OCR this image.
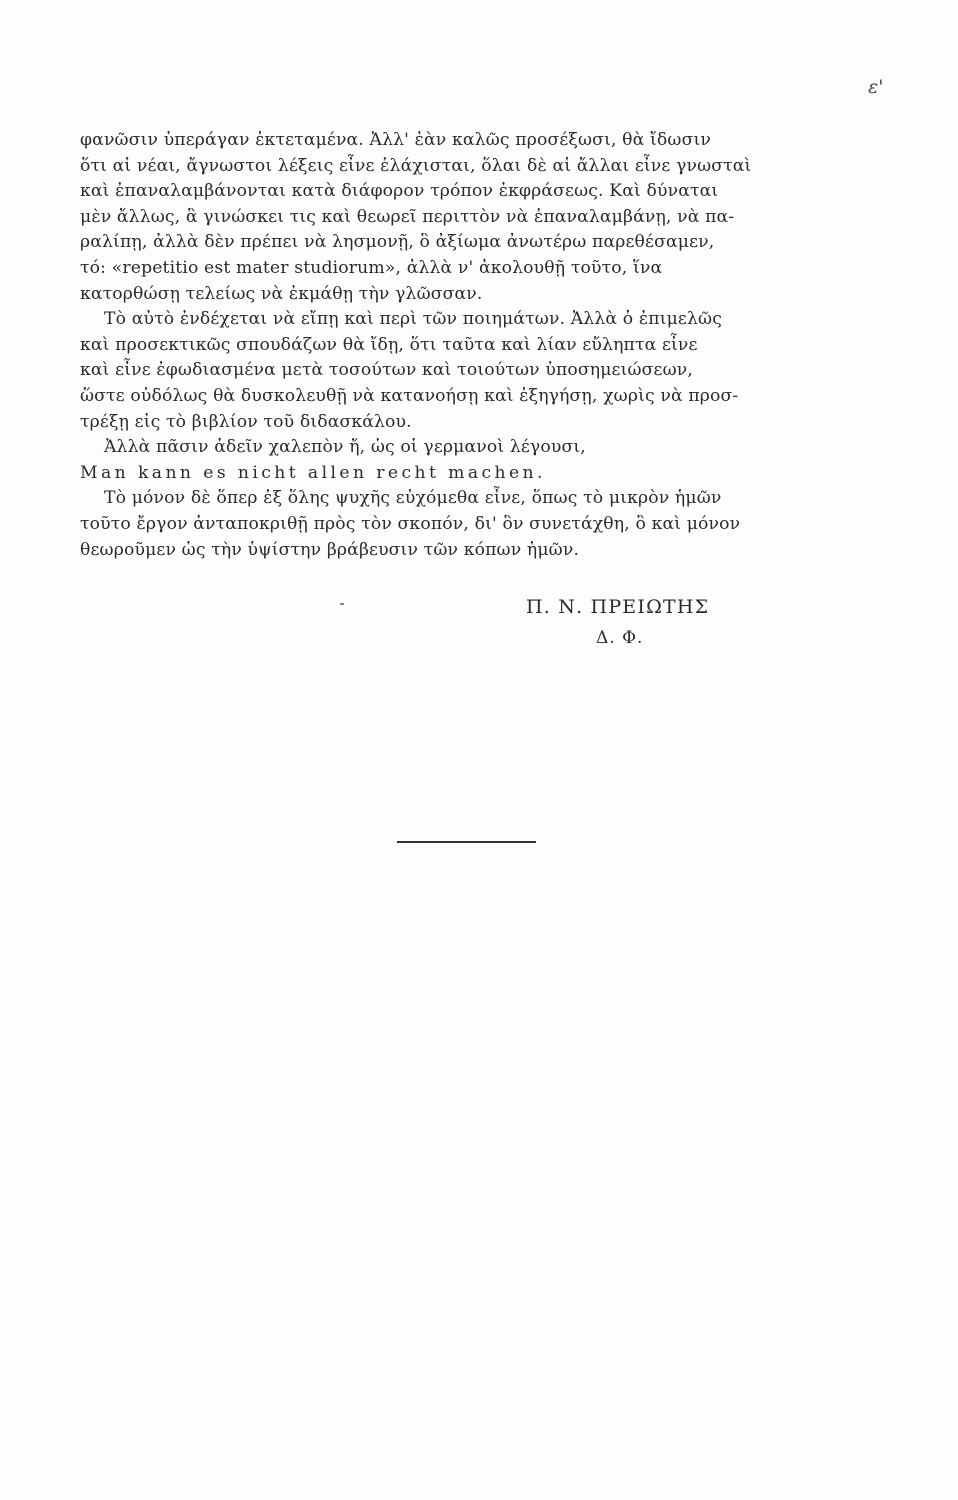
ε'
φανῶσιν ὑπεράγαν ἐκτεταμένα. Ἀλλ' ἐὰν καλῶς προσέξωσι, θὰ ἴδωσιν
ὅτι αἱ νέαι, ἄγνωστοι λέξεις εἶνε ἐλάχισται, ὅλαι δὲ αἱ ἄλλαι εἶνε γνωσταὶ
καὶ ἐπαναλαμβάνονται κατὰ διάφορον τρόπον ἐκφράσεως. Καὶ δύναται
μὲν ἄλλως, ἃ γινώσκει τις καὶ θεωρεῖ περιττὸν νὰ ἐπαναλαμβάνῃ, νὰ πα-
ραλίπῃ, ἀλλὰ δὲν πρέπει νὰ λησμονῇ, ὃ ἀξίωμα ἀνωτέρω παρεθέσαμεν,
τό: «repetitio est mater studiorum», ἀλλὰ ν' ἀκολουθῇ τοῦτο, ἵνα
κατορθώσῃ τελείως νὰ ἐκμάθῃ τὴν γλῶσσαν.
Τὸ αὐτὸ ἐνδέχεται νὰ εἴπῃ καὶ περὶ τῶν ποιημάτων. Ἀλλὰ ὁ ἐπιμελῶς
καὶ προσεκτικῶς σπουδάζων θὰ ἴδῃ, ὅτι ταῦτα καὶ λίαν εὔληπτα εἶνε
καὶ εἶνε ἐφωδιασμένα μετὰ τοσούτων καὶ τοιούτων ὑποσημειώσεων,
ὥστε οὐδόλως θὰ δυσκολευθῇ νὰ κατανοήσῃ καὶ ἐξηγήσῃ, χωρὶς νὰ προσ-
τρέξῃ εἰς τὸ βιβλίον τοῦ διδασκάλου.
Ἀλλὰ πᾶσιν ἁδεῖν χαλεπὸν ἤ, ὡς οἱ γερμανοὶ λέγουσι,
Man kann es nicht allen recht machen.
Τὸ μόνον δὲ ὅπερ ἐξ ὅλης ψυχῆς εὐχόμεθα εἶνε, ὅπως τὸ μικρὸν ἡμῶν
τοῦτο ἔργον ἀνταποκριθῇ πρὸς τὸν σκοπόν, δι' ὃν συνετάχθη, ὃ καὶ μόνον
θεωροῦμεν ὡς τὴν ὑψίστην βράβευσιν τῶν κόπων ἡμῶν.
Π. Ν. ΠΡΕΙΩΤΗΣ
Δ. Φ.
